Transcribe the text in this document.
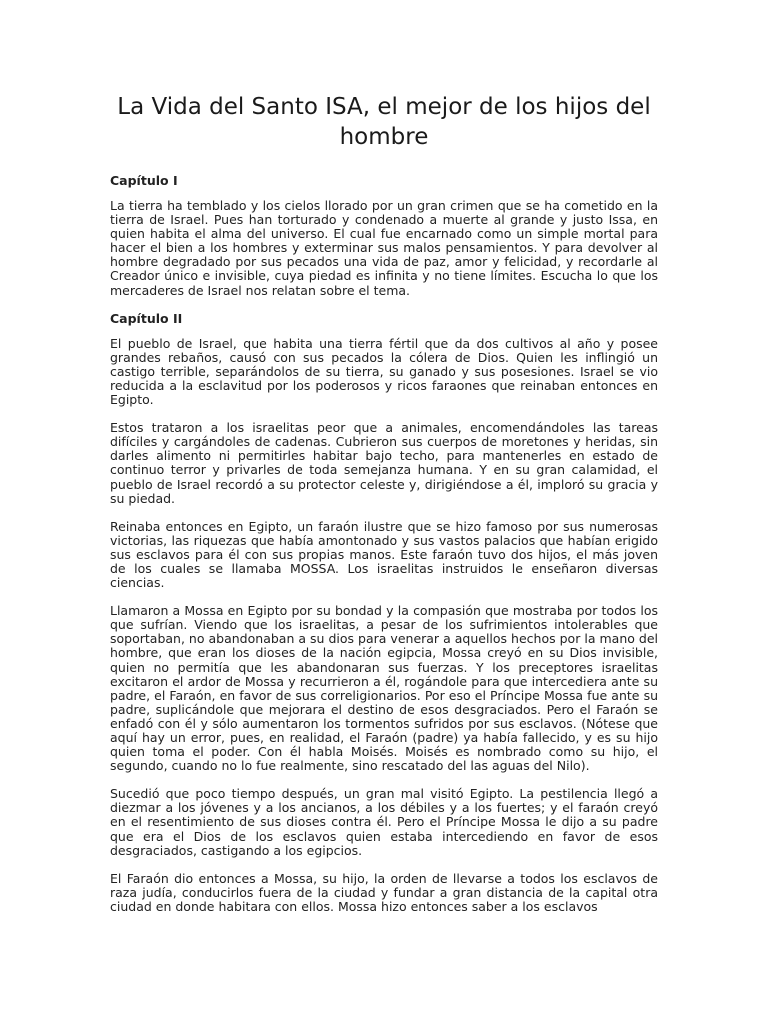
La Vida del Santo ISA, el mejor de los hijos del hombre
Capítulo I

La tierra ha temblado y los cielos llorado por un gran crimen que se ha cometido en la tierra de Israel. Pues han torturado y condenado a muerte al grande y justo Issa, en quien habita el alma del universo. El cual fue encarnado como un simple mortal para hacer el bien a los hombres y exterminar sus malos pensamientos. Y para devolver al hombre degradado por sus pecados una vida de paz, amor y felicidad, y recordarle al Creador único e invisible, cuya piedad es infinita y no tiene límites. Escucha lo que los mercaderes de Israel nos relatan sobre el tema.

Capítulo II

El pueblo de Israel, que habita una tierra fértil que da dos cultivos al año y posee grandes rebaños, causó con sus pecados la cólera de Dios. Quien les inflingió un castigo terrible, separándolos de su tierra, su ganado y sus posesiones. Israel se vio reducida a la esclavitud por los poderosos y ricos faraones que reinaban entonces en Egipto.

Estos trataron a los israelitas peor que a animales, encomendándoles las tareas difíciles y cargándoles de cadenas. Cubrieron sus cuerpos de moretones y heridas, sin darles alimento ni permitirles habitar bajo techo, para mantenerles en estado de continuo terror y privarles de toda semejanza humana. Y en su gran calamidad, el pueblo de Israel recordó a su protector celeste y, dirigiéndose a él, imploró su gracia y su piedad.

Reinaba entonces en Egipto, un faraón ilustre que se hizo famoso por sus numerosas victorias, las riquezas que había amontonado y sus vastos palacios que habían erigido sus esclavos para él con sus propias manos. Este faraón tuvo dos hijos, el más joven de los cuales se llamaba MOSSA. Los israelitas instruidos le enseñaron diversas ciencias.

Llamaron a Mossa en Egipto por su bondad y la compasión que mostraba por todos los que sufrían. Viendo que los israelitas, a pesar de los sufrimientos intolerables que soportaban, no abandonaban a su dios para venerar a aquellos hechos por la mano del hombre, que eran los dioses de la nación egipcia, Mossa creyó en su Dios invisible, quien no permitía que les abandonaran sus fuerzas. Y los preceptores israelitas excitaron el ardor de Mossa y recurrieron a él, rogándole para que intercediera ante su padre, el Faraón, en favor de sus correligionarios. Por eso el Príncipe Mossa fue ante su padre, suplicándole que mejorara el destino de esos desgraciados. Pero el Faraón se enfadó con él y sólo aumentaron los tormentos sufridos por sus esclavos. (Nótese que aquí hay un error, pues, en realidad, el Faraón (padre) ya había fallecido, y es su hijo quien toma el poder. Con él habla Moisés. Moisés es nombrado como su hijo, el segundo, cuando no lo fue realmente, sino rescatado del las aguas del Nilo).

Sucedió que poco tiempo después, un gran mal visitó Egipto. La pestilencia llegó a diezmar a los jóvenes y a los ancianos, a los débiles y a los fuertes; y el faraón creyó en el resentimiento de sus dioses contra él. Pero el Príncipe Mossa le dijo a su padre que era el Dios de los esclavos quien estaba intercediendo en favor de esos desgraciados, castigando a los egipcios.

El Faraón dio entonces a Mossa, su hijo, la orden de llevarse a todos los esclavos de raza judía, conducirlos fuera de la ciudad y fundar a gran distancia de la capital otra ciudad en donde habitara con ellos. Mossa hizo entonces saber a los esclavos
